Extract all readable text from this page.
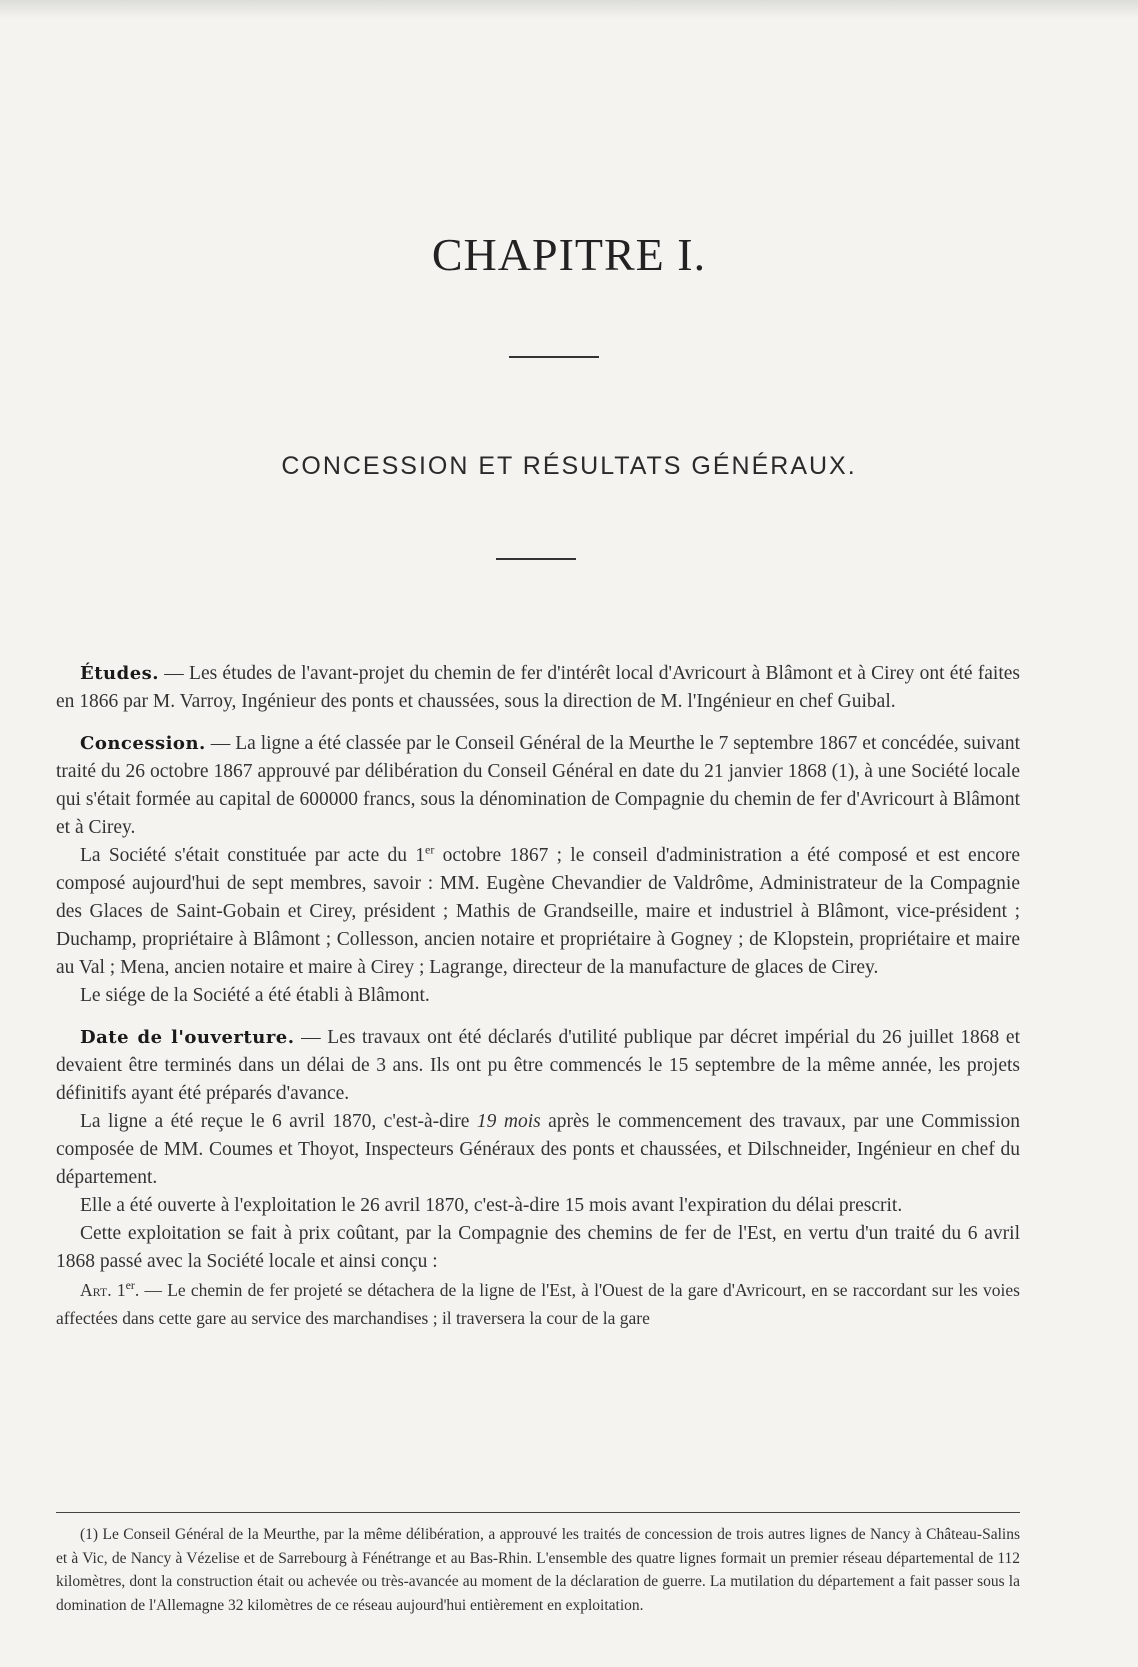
CHAPITRE I.
CONCESSION ET RÉSULTATS GÉNÉRAUX.

Études. — Les études de l'avant-projet du chemin de fer d'intérêt local d'Avricourt à Blâmont et à Cirey ont été faites en 1866 par M. Varroy, Ingénieur des ponts et chaussées, sous la direction de M. l'Ingénieur en chef Guibal.

Concession. — La ligne a été classée par le Conseil Général de la Meurthe le 7 septembre 1867 et concédée, suivant traité du 26 octobre 1867 approuvé par délibération du Conseil Général en date du 21 janvier 1868 (1), à une Société locale qui s'était formée au capital de 600000 francs, sous la dénomination de Compagnie du chemin de fer d'Avricourt à Blâmont et à Cirey.

La Société s'était constituée par acte du 1er octobre 1867 ; le conseil d'administration a été composé et est encore composé aujourd'hui de sept membres, savoir : MM. Eugène Chevandier de Valdrôme, Administrateur de la Compagnie des Glaces de Saint-Gobain et Cirey, président ; Mathis de Grandseille, maire et industriel à Blâmont, vice-président ; Duchamp, propriétaire à Blâmont ; Collesson, ancien notaire et propriétaire à Gogney ; de Klopstein, propriétaire et maire au Val ; Mena, ancien notaire et maire à Cirey ; Lagrange, directeur de la manufacture de glaces de Cirey.

Le siége de la Société a été établi à Blâmont.

Date de l'ouverture. — Les travaux ont été déclarés d'utilité publique par décret impérial du 26 juillet 1868 et devaient être terminés dans un délai de 3 ans. Ils ont pu être commencés le 15 septembre de la même année, les projets définitifs ayant été préparés d'avance.

La ligne a été reçue le 6 avril 1870, c'est-à-dire 19 mois après le commencement des travaux, par une Commission composée de MM. Coumes et Thoyot, Inspecteurs Généraux des ponts et chaussées, et Dilschneider, Ingénieur en chef du département.

Elle a été ouverte à l'exploitation le 26 avril 1870, c'est-à-dire 15 mois avant l'expiration du délai prescrit.

Cette exploitation se fait à prix coûtant, par la Compagnie des chemins de fer de l'Est, en vertu d'un traité du 6 avril 1868 passé avec la Société locale et ainsi conçu :

Art. 1er. — Le chemin de fer projeté se détachera de la ligne de l'Est, à l'Ouest de la gare d'Avricourt, en se raccordant sur les voies affectées dans cette gare au service des marchandises ; il traversera la cour de la gare

(1) Le Conseil Général de la Meurthe, par la même délibération, a approuvé les traités de concession de trois autres lignes de Nancy à Château-Salins et à Vic, de Nancy à Vézelise et de Sarrebourg à Fénétrange et au Bas-Rhin. L'ensemble des quatre lignes formait un premier réseau départemental de 112 kilomètres, dont la construction était ou achevée ou très-avancée au moment de la déclaration de guerre. La mutilation du département a fait passer sous la domination de l'Allemagne 32 kilomètres de ce réseau aujourd'hui entièrement en exploitation.
